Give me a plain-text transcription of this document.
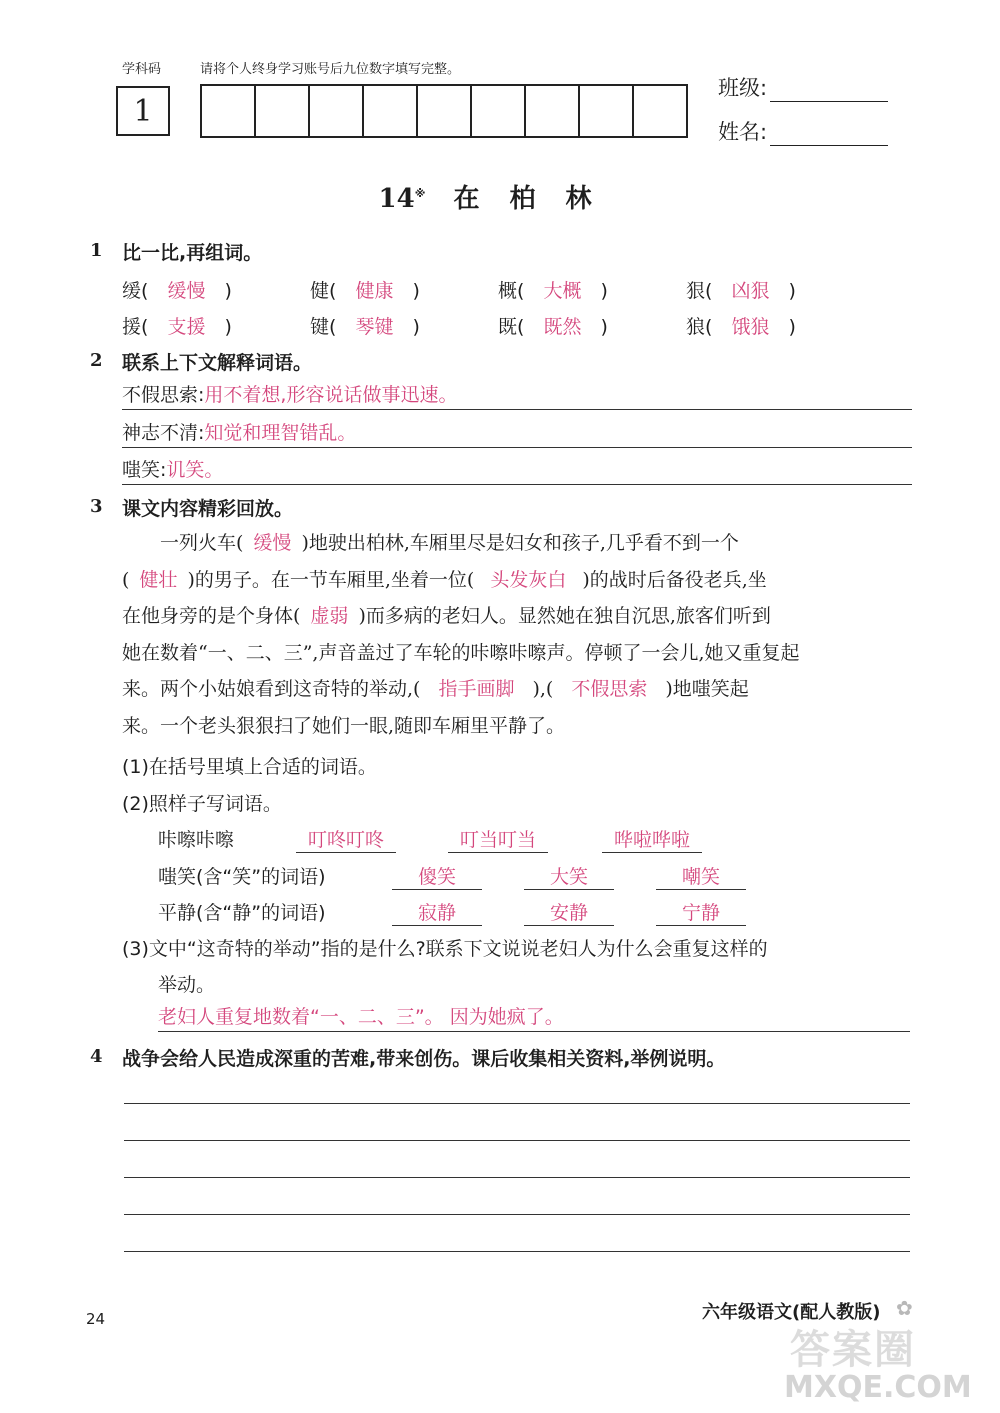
学科码	请将个人终身学习账号后九位数字填写完整。
1
班级:
姓名:
14※ 在柏林
1 比一比,再组词。
缓( 缓慢 )	健( 健康 )	概( 大概 )	狠( 凶狠 )
援( 支援 )	键( 琴键 )	既( 既然 )	狼( 饿狼 )
2 联系上下文解释词语。
不假思索: 用不着想,形容说话做事迅速。
神志不清: 知觉和理智错乱。
嗤笑: 讥笑。
3 课文内容精彩回放。
一列火车( 缓慢 )地驶出柏林,车厢里尽是妇女和孩子,几乎看不到一个
( 健壮 )的男子。在一节车厢里,坐着一位( 头发灰白 )的战时后备役老兵,坐
在他身旁的是个身体( 虚弱 )而多病的老妇人。显然她在独自沉思,旅客们听到
她在数着“一、二、三”,声音盖过了车轮的咔嚓咔嚓声。停顿了一会儿,她又重复起
来。两个小姑娘看到这奇特的举动,( 指手画脚 ),( 不假思索 )地嗤笑起
来。一个老头狠狠扫了她们一眼,随即车厢里平静了。
(1)在括号里填上合适的词语。
(2)照样子写词语。
咔嚓咔嚓	叮咚叮咚	叮当叮当	哗啦哗啦
嗤笑(含“笑”的词语)	傻笑	大笑	嘲笑
平静(含“静”的词语)	寂静	安静	宁静
(3)文中“这奇特的举动”指的是什么?联系下文说说老妇人为什么会重复这样的
举动。
老妇人重复地数着“一、二、三”。 因为她疯了。
4 战争会给人民造成深重的苦难,带来创伤。课后收集相关资料,举例说明。
24	六年级语文(配人教版) ✿
答案圈
MXQE.COM
